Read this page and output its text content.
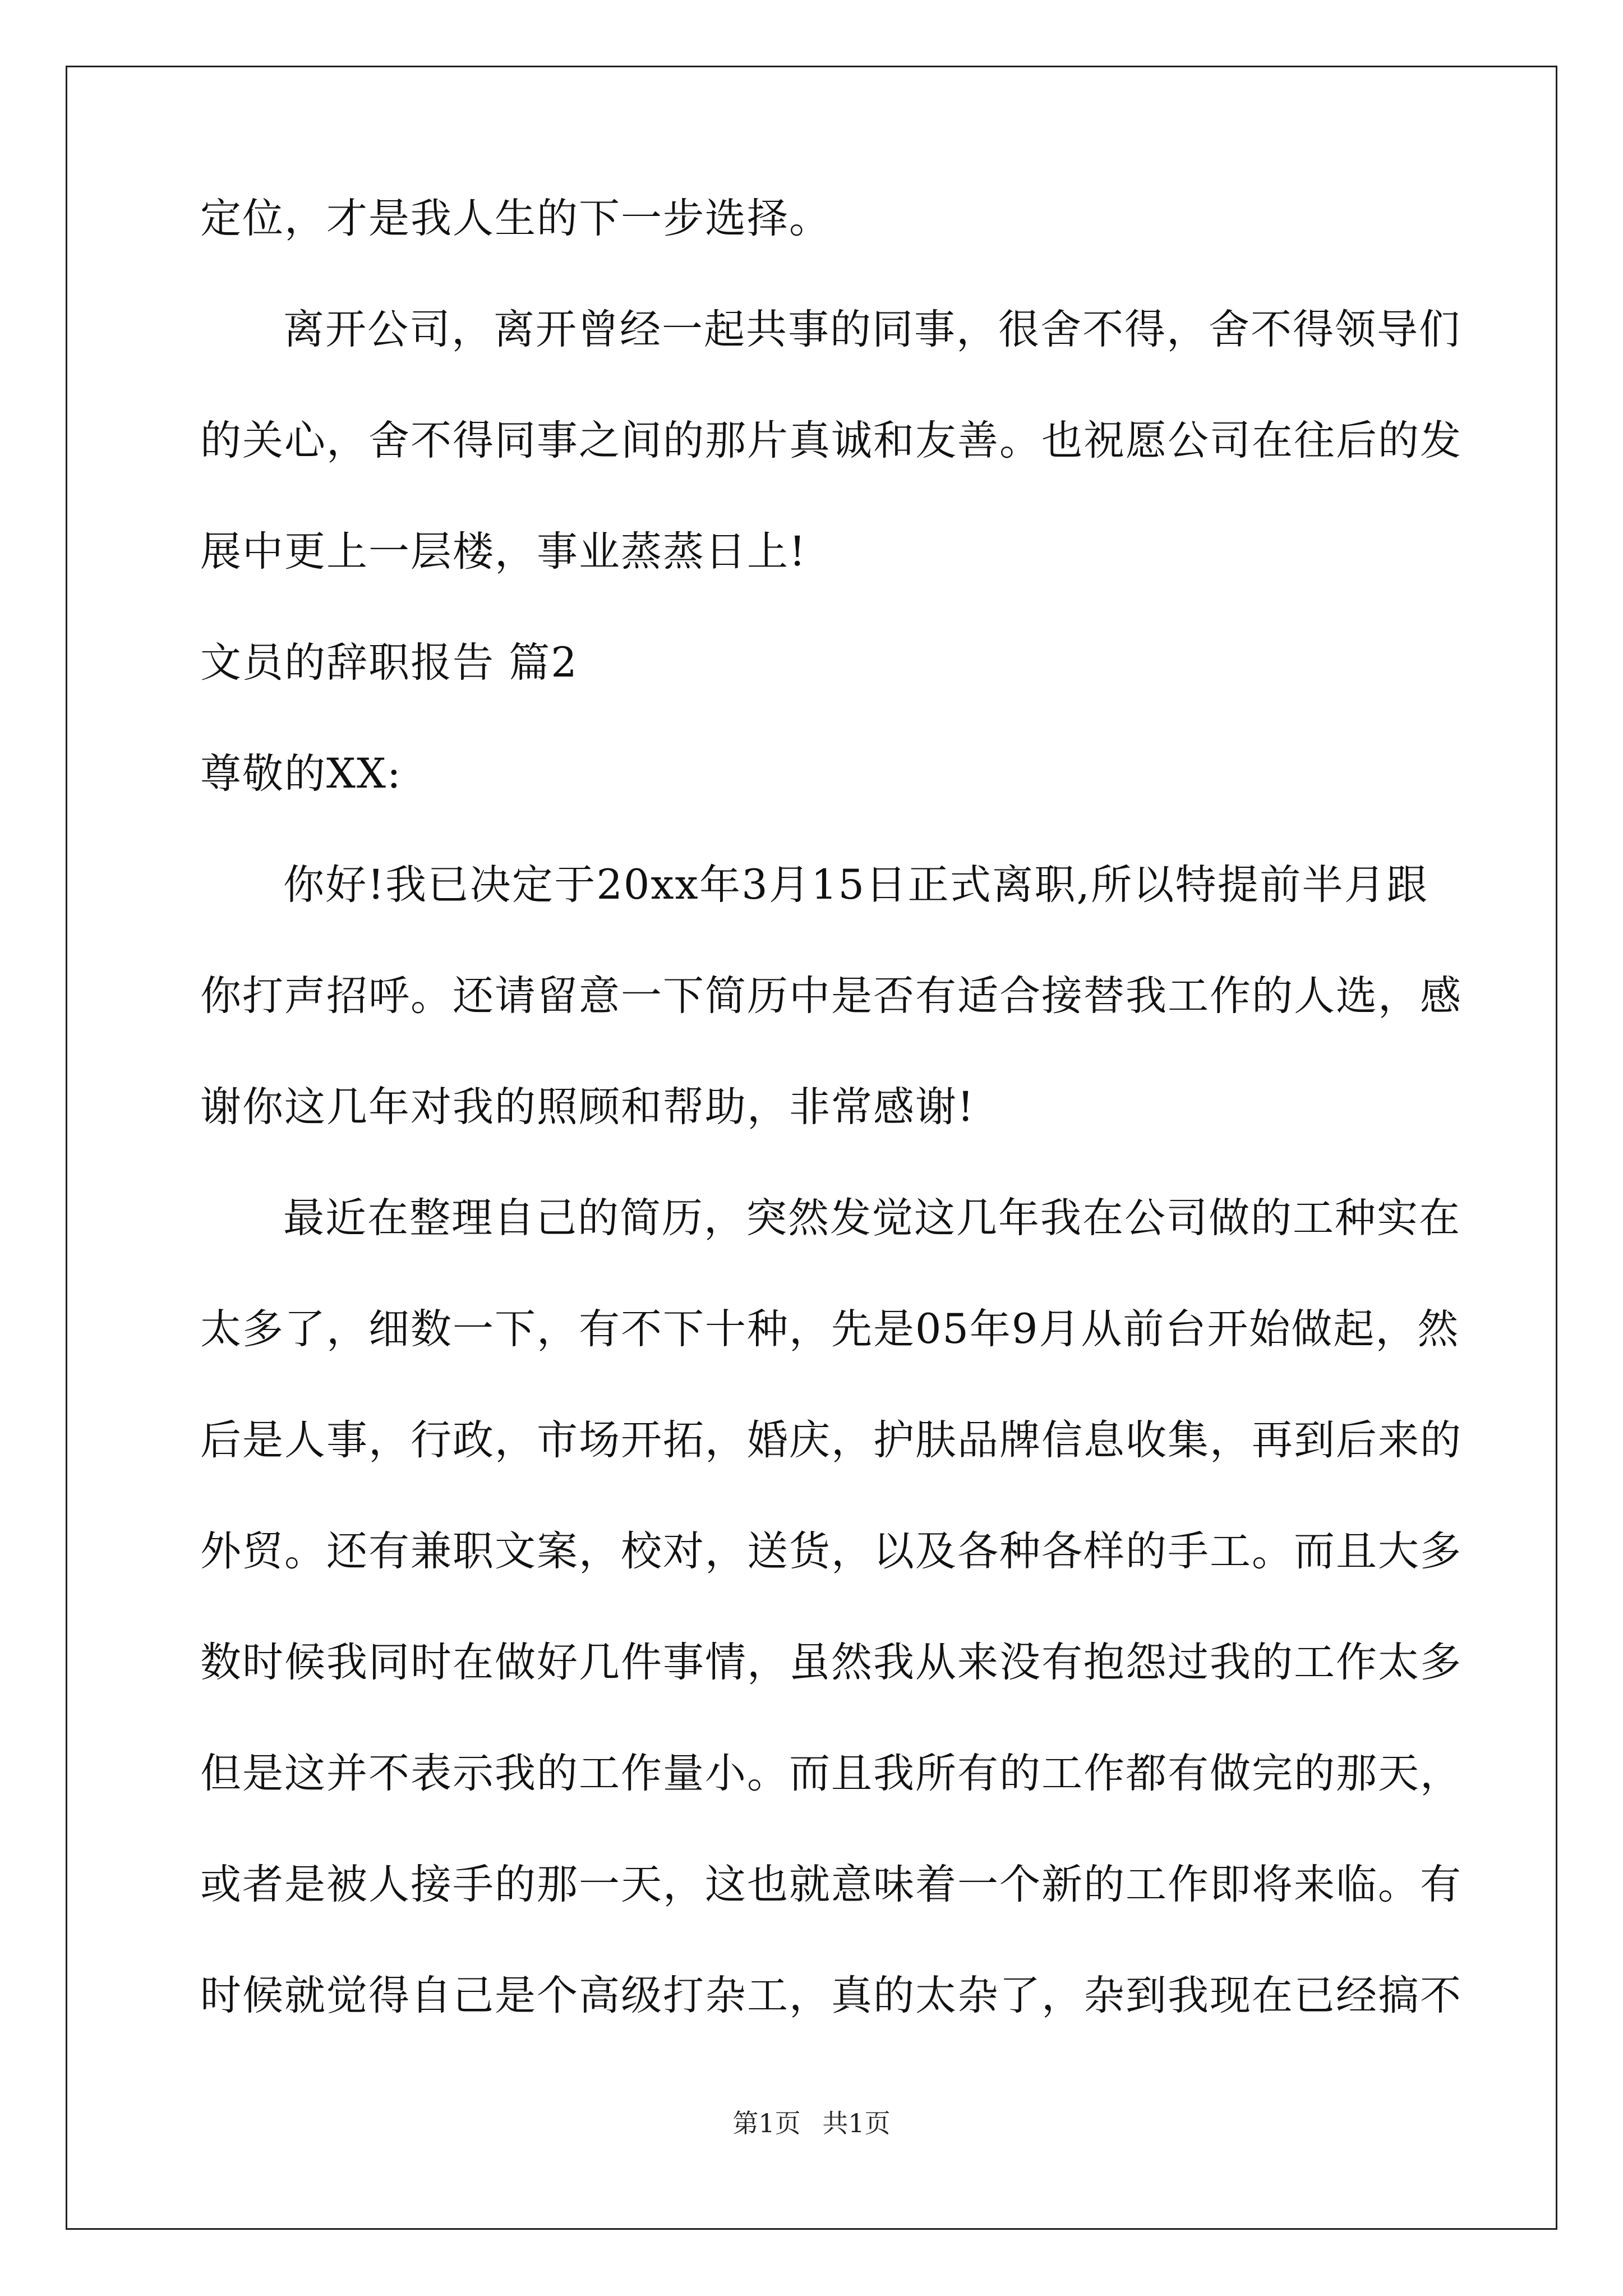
定位，才是我人生的下一步选择。
离开公司，离开曾经一起共事的同事，很舍不得，舍不得领导们
的关心，舍不得同事之间的那片真诚和友善。也祝愿公司在往后的发
展中更上一层楼，事业蒸蒸日上!
文员的辞职报告 篇2
尊敬的XX:
你好!我已决定于20xx年3月15日正式离职,所以特提前半月跟
你打声招呼。还请留意一下简历中是否有适合接替我工作的人选，感
谢你这几年对我的照顾和帮助，非常感谢!
最近在整理自己的简历，突然发觉这几年我在公司做的工种实在
太多了，细数一下，有不下十种，先是05年9月从前台开始做起，然
后是人事，行政，市场开拓，婚庆，护肤品牌信息收集，再到后来的
外贸。还有兼职文案，校对，送货，以及各种各样的手工。而且大多
数时候我同时在做好几件事情，虽然我从来没有抱怨过我的工作太多
但是这并不表示我的工作量小。而且我所有的工作都有做完的那天，
或者是被人接手的那一天，这也就意味着一个新的工作即将来临。有
时候就觉得自己是个高级打杂工，真的太杂了，杂到我现在已经搞不
第1页 共1页
